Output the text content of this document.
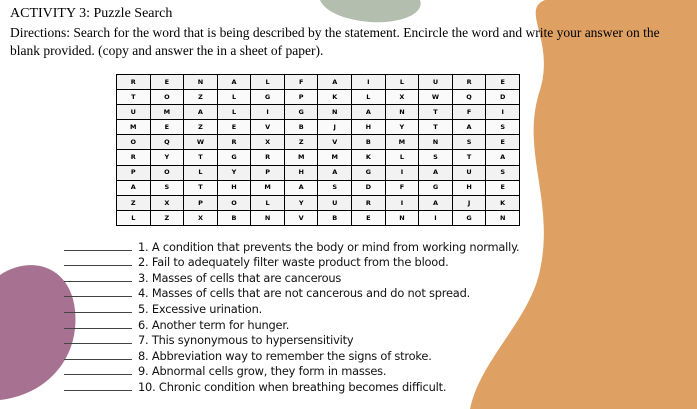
ACTIVITY 3: Puzzle Search
Directions: Search for the word that is being described by the statement. Encircle the word and write your answer on the blank provided. (copy and answer the in a sheet of paper).
R	E	N	A	L	F	A	I	L	U	R	E
T	O	Z	L	G	P	K	L	X	W	Q	D
U	M	A	L	I	G	N	A	N	T	F	I
M	E	Z	E	V	B	J	H	Y	T	A	S
O	Q	W	R	X	Z	V	B	M	N	S	E
R	Y	T	G	R	M	M	K	L	S	T	A
P	O	L	Y	P	H	A	G	I	A	U	S
A	S	T	H	M	A	S	D	F	G	H	E
Z	X	P	O	L	Y	U	R	I	A	J	K
L	Z	X	B	N	V	B	E	N	I	G	N
1. A condition that prevents the body or mind from working normally.
2. Fail to adequately filter waste product from the blood.
3. Masses of cells that are cancerous
4. Masses of cells that are not cancerous and do not spread.
5. Excessive urination.
6. Another term for hunger.
7. This synonymous to hypersensitivity
8. Abbreviation way to remember the signs of stroke.
9. Abnormal cells grow, they form in masses.
10. Chronic condition when breathing becomes difficult.
